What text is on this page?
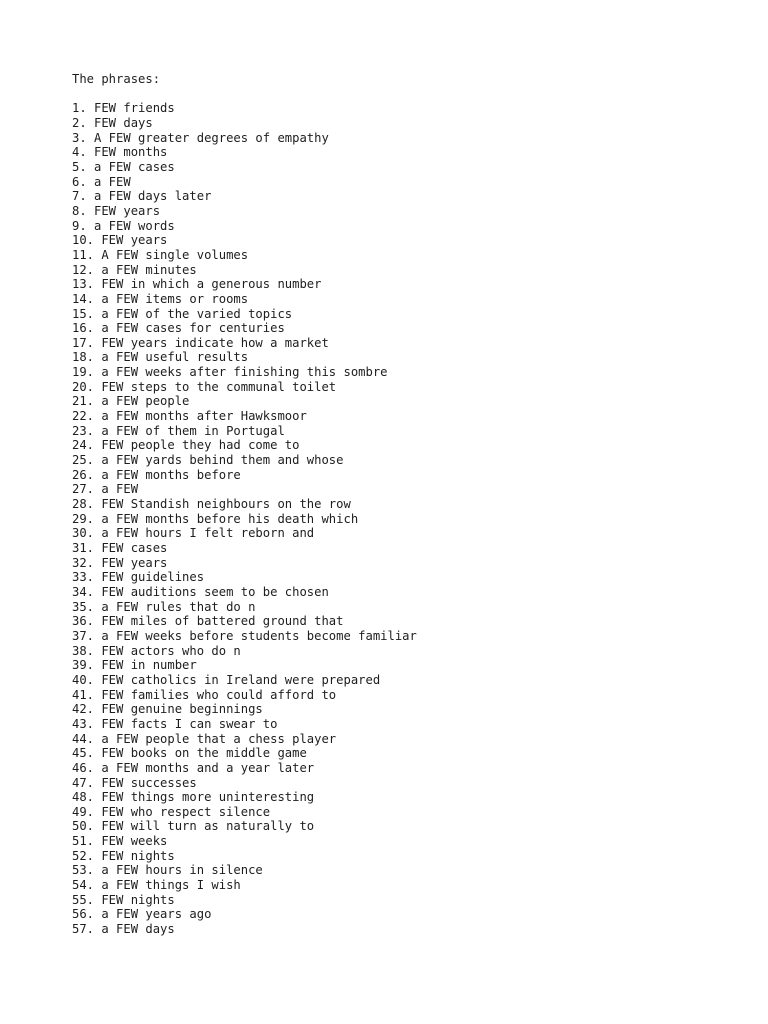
The phrases:
1. FEW friends
2. FEW days
3. A FEW greater degrees of empathy
4. FEW months
5. a FEW cases
6. a FEW
7. a FEW days later
8. FEW years
9. a FEW words
10. FEW years
11. A FEW single volumes
12. a FEW minutes
13. FEW in which a generous number
14. a FEW items or rooms
15. a FEW of the varied topics
16. a FEW cases for centuries
17. FEW years indicate how a market
18. a FEW useful results
19. a FEW weeks after finishing this sombre
20. FEW steps to the communal toilet
21. a FEW people
22. a FEW months after Hawksmoor
23. a FEW of them in Portugal
24. FEW people they had come to
25. a FEW yards behind them and whose
26. a FEW months before
27. a FEW
28. FEW Standish neighbours on the row
29. a FEW months before his death which
30. a FEW hours I felt reborn and
31. FEW cases
32. FEW years
33. FEW guidelines
34. FEW auditions seem to be chosen
35. a FEW rules that do n
36. FEW miles of battered ground that
37. a FEW weeks before students become familiar
38. FEW actors who do n
39. FEW in number
40. FEW catholics in Ireland were prepared
41. FEW families who could afford to
42. FEW genuine beginnings
43. FEW facts I can swear to
44. a FEW people that a chess player
45. FEW books on the middle game
46. a FEW months and a year later
47. FEW successes
48. FEW things more uninteresting
49. FEW who respect silence
50. FEW will turn as naturally to
51. FEW weeks
52. FEW nights
53. a FEW hours in silence
54. a FEW things I wish
55. FEW nights
56. a FEW years ago
57. a FEW days
